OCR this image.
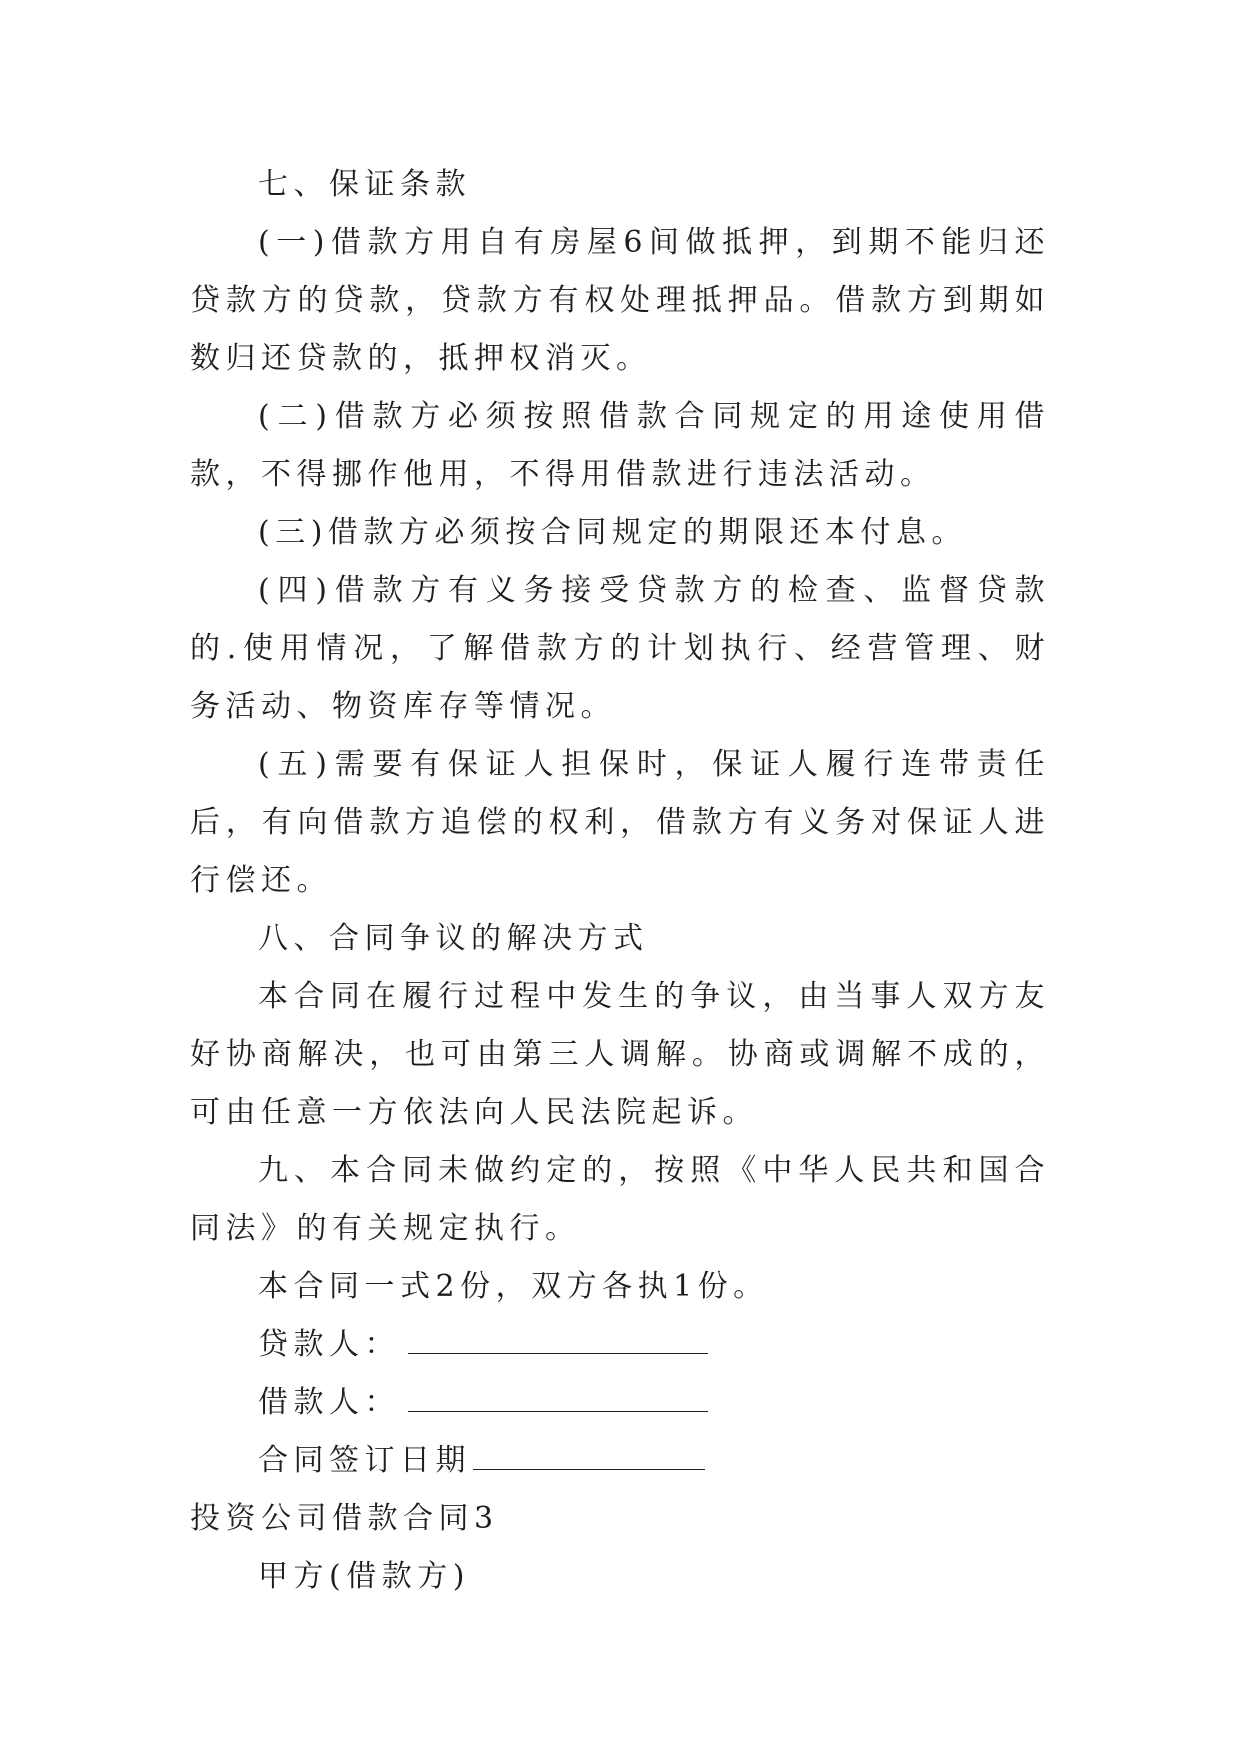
七、保证条款

(一)借款方用自有房屋6间做抵押，到期不能归还贷款方的贷款，贷款方有权处理抵押品。借款方到期如数归还贷款的，抵押权消灭。

(二)借款方必须按照借款合同规定的用途使用借款，不得挪作他用，不得用借款进行违法活动。

(三)借款方必须按合同规定的期限还本付息。

(四)借款方有义务接受贷款方的检查、监督贷款的.使用情况，了解借款方的计划执行、经营管理、财务活动、物资库存等情况。

(五)需要有保证人担保时，保证人履行连带责任后，有向借款方追偿的权利，借款方有义务对保证人进行偿还。

八、合同争议的解决方式

本合同在履行过程中发生的争议，由当事人双方友好协商解决，也可由第三人调解。协商或调解不成的，可由任意一方依法向人民法院起诉。

九、本合同未做约定的，按照《中华人民共和国合同法》的有关规定执行。

本合同一式2份，双方各执1份。

贷款人：

借款人：

合同签订日期

投资公司借款合同3

甲方(借款方)
